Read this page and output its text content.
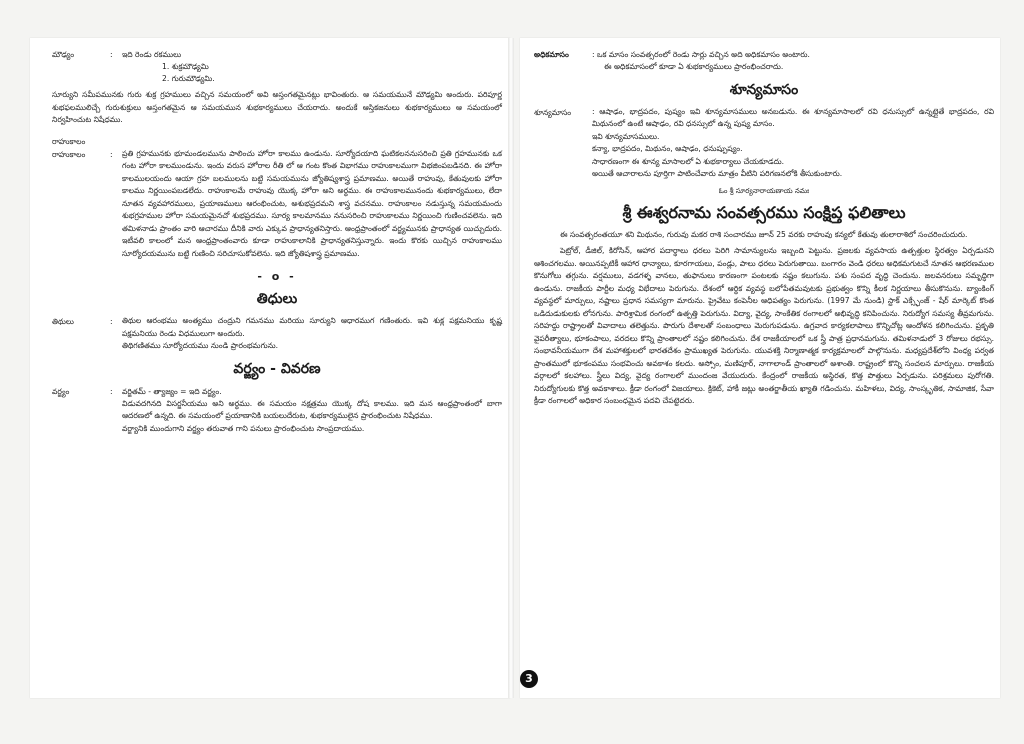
మౌఢ్యం	:	ఇది రెండు రకములు
1. శుక్రమౌఢ్యమి
2. గురుమౌఢ్యమి.

సూర్యుని సమీపమునకు గురు శుక్ర గ్రహములు వచ్చిన సమయంలో అవి అస్తంగతమైనట్లు భావింతురు. ఆ సమయమునే మౌఢ్యమి అందురు. పరిపూర్ణ శుభఫలములిచ్చే గురుశుక్రులు అస్తంగతమైన ఆ సమయమున శుభకార్యములు చేయరాదు. అందుకే ఆస్తికజనులు శుభకార్యములు ఆ సమయంలో నిర్వహించుట నిషేధము.

రాహుకాలం
రాహుకాలం	:	ప్రతి గ్రహమునకు భూమండలమును పాలించు హోరా కాలము ఉండును. సూర్యోదయాది ఘటికలననుసరించి ప్రతి గ్రహమునకు ఒక గంట హోరా కాలముండును. ఇందు వరుస హోరాల రీతి లో ఆ గంట కొంత విభాగము రాహుకాలముగా విభజింపబడినది. ఈ హోరా కాలములయందు ఆయా గ్రహ బలములను బట్టి సమయమును జ్యోతిష్యశాస్త్ర ప్రమాణము. అయితే రాహువు, కేతువులకు హోరా కాలము నిర్ణయింపబడలేదు. రాహుకాలమే రాహువు యొక్క హోరా అని అర్థము. ఈ రాహుకాలమునందు శుభకార్యములు, లేదా నూతన వ్యవహారములు, ప్రయాణములు ఆరంభించుట, అశుభప్రదమని శాస్త్ర వచనము. రాహుకాలం నడుస్తున్న సమయమందు శుభగ్రహముల హోరా సమయమైనచో శుభప్రదము. సూర్య కాలమానము ననుసరించి రాహుకాలము నిర్ణయించి గుణించవలెను. ఇది తమిళనాడు ప్రాంతం వారి ఆచారము దీనికి వారు ఎక్కువ ప్రాధాన్యతనిస్తారు. ఆంధ్రప్రాంతంలో వర్జ్యమునకు ప్రాధాన్యత యిచ్చుదురు. ఇటీవలి కాలంలో మన ఆంధ్రప్రాంతంవారు కూడా రాహుకాలానికి ప్రాధాన్యతనిస్తున్నారు. ఇందు కొరకు యిచ్చిన రాహుకాలము సూర్యోదయమును బట్టి గుణించి సరిచూసుకోవలెను. ఇది జ్యోతిషశాస్త్ర ప్రమాణము.
- o -
తిధులు
తిథులు	:	తిథుల ఆరంభము అంత్యము చంద్రుని గమనము మరియు సూర్యుని ఆధారముగ గణింతురు. ఇవి శుక్ల పక్షమనియు కృష్ణ పక్షమనియు రెండు విధములుగా అందురు.

తిథిగణితము సూర్యోదయము నుండి ప్రారంభమగును.

వర్జ్యం - వివరణ
వర్జ్యం	:	వర్జితమ్ - త్యాజ్యం = ఇది వర్జ్యం.

విడువదగినది విసర్జనీయము అని అర్థము. ఈ సమయం నక్షత్రము యొక్క దోష కాలము. ఇది మన ఆంధ్రప్రాంతంలో బాగా ఆదరణలో ఉన్నది. ఈ సమయంలో ప్రయాణానికి బయలుదేరుట, శుభకార్యములైన ప్రారంభించుట నిషేధము.

వర్జ్యానికి ముందుగాని వర్జ్యం తరువాత గాని పనులు ప్రారంభించుట సాంప్రదాయము.

అధికమాసం	: ఒక మాసం సంవత్సరంలో రెండు సార్లు వచ్చిన అది అధికమాసం అంటారు.

ఈ అధికమాసంలో కూడా ఏ శుభకార్యములు ప్రారంభించరాదు.

శూన్యమాసం
శూన్యమాసం	: ఆషాఢం, భాద్రపదం, పుష్యం ఇవి శూన్యమాసములు అనబడును. ఈ శూన్యమాసాలలో రవి ధనుస్సులో ఉన్నట్లైతే భాద్రపదం, రవి మిథునంలో ఉంటే ఆషాఢం, రవి ధనస్సులో ఉన్న పుష్య మాసం.
ఇవి శూన్యమాసములు.
కన్యా, భాద్రపదం, మిథునం, ఆషాఢం, ధనుష్పుష్యం.
సాధారణంగా ఈ శూన్య మాసాలలో ఏ శుభకార్యాలు చేయకూడదు.
అయితే ఆచారాలను పూర్తిగా పాటించేవారు మాత్రం వీటిని పరిగణనలోకి తీసుకుంటారు.
ఓం శ్రీ సూర్యనారాయణాయ నమః
శ్రీ ఈశ్వరనామ సంవత్సరము సంక్షిప్త ఫలితాలు

ఈ సంవత్సరంతయూ శని మిథునం, గురువు మకర రాశి సంచారము జూన్ 25 వరకు రాహువు కన్యలో కేతువు తులారాశిలో సంచరించుదురు.

పెట్రోల్, డీజిల్, కిరోసిన్, ఆహార పదార్థాలు ధరలు పెరిగి సామాన్యులను ఇబ్బంది పెట్టును. ప్రజలకు వ్యవసాయ ఉత్పత్తుల స్థిరత్వం ఏర్పడునని ఆశించగలము. అయినప్పటికీ ఆహార ధాన్యాలు, కూరగాయలు, పండ్లు, పాలు ధరలు పెరుగుతాయి. బంగారం వెండి ధరలు అధికమగుటచే నూతన ఆభరణముల కొనుగోలు తగ్గును. వర్షములు, వడగళ్ళ వానలు, తుఫానులు కారణంగా పంటలకు నష్టం కలుగును. పశు సంపద వృద్ధి చెందును. జలవనరులు సమృద్ధిగా ఉండును. రాజకీయ పార్టీల మధ్య విభేదాలు పెరుగును. దేశంలో ఆర్థిక వ్యవస్థ బలోపేతమవుటకు ప్రభుత్వం కొన్ని కీలక నిర్ణయాలు తీసుకొనును. బ్యాంకింగ్ వ్యవస్థలో మార్పులు, నష్టాలు ప్రధాన సమస్యగా మారును. ప్రైవేటు కంపెనీల ఆధిపత్యం పెరుగును. (1997 మే నుండి) స్టాక్ ఎక్స్ఛేంజ్ - షేర్ మార్కెట్ కొంత ఒడిదుడుకులకు లోనగును. పారిశ్రామిక రంగంలో ఉత్పత్తి పెరుగును. విద్యా, వైద్య, సాంకేతిక రంగాలలో అభివృద్ధి కనిపించును. నిరుద్యోగ సమస్య తీవ్రమగును. సరిహద్దు రాష్ట్రాలతో వివాదాలు తలెత్తును. పొరుగు దేశాలతో సంబంధాలు మెరుగుపడును. ఉగ్రవాద కార్యకలాపాలు కొన్నిచోట్ల ఆందోళన కలిగించును. ప్రకృతి వైపరీత్యాలు, భూకంపాలు, వరదలు కొన్ని ప్రాంతాలలో నష్టం కలిగించును. దేశ రాజకీయాలలో ఒక స్త్రీ పాత్ర ప్రధానమగును. తమిళనాడులో 3 రోజులు రభస్సు. సంభావనీయముగా దేశ మహాశక్తులలో భారతదేశం ప్రాముఖ్యత పెరుగును. యువశక్తి నిర్మాణాత్మక కార్యక్రమాలలో పాల్గొనును. మధ్యప్రదేశ్‌లోని వింధ్య పర్వత ప్రాంతములో భూకంపము సంభవించు అవకాశం కలదు. అస్సోం, మణిపూర్, నాగాలాండ్ ప్రాంతాలలో అశాంతి. రాష్ట్రంలో కొన్ని సంచలన మార్పులు. రాజకీయ వర్గాలలో కలహాలు. స్త్రీలు విద్య, వైద్య రంగాలలో ముందంజ వేయుదురు. కేంద్రంలో రాజకీయ అస్థిరత, కొత్త పొత్తులు ఏర్పడును. పరిశ్రమలు పురోగతి. నిరుద్యోగులకు కొత్త అవకాశాలు. క్రీడా రంగంలో విజయాలు. క్రికెట్, హాకీ జట్లు అంతర్జాతీయ ఖ్యాతి గడించును. మహిళలు, విద్య, సాంస్కృతిక, సామాజిక, సేవా క్రీడా రంగాలలో అధికార సంబంధమైన పదవి చేపట్టెదరు.

3
